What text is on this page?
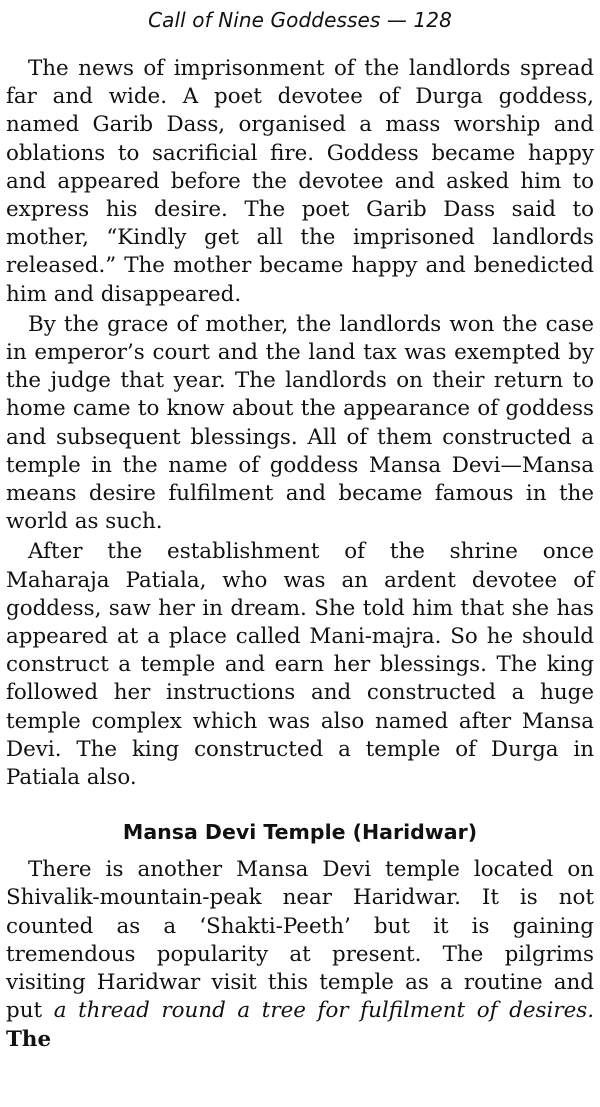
Call of Nine Goddesses — 128

The news of imprisonment of the landlords spread far and wide. A poet devotee of Durga goddess, named Garib Dass, organised a mass worship and oblations to sacrificial fire. Goddess became happy and appeared before the devotee and asked him to express his desire. The poet Garib Dass said to mother, “Kindly get all the imprisoned landlords released.” The mother became happy and benedicted him and disappeared.

By the grace of mother, the landlords won the case in emperor’s court and the land tax was exempted by the judge that year. The landlords on their return to home came to know about the appearance of goddess and subsequent blessings. All of them constructed a temple in the name of goddess Mansa Devi—Mansa means desire fulfilment and became famous in the world as such.

After the establishment of the shrine once Maharaja Patiala, who was an ardent devotee of goddess, saw her in dream. She told him that she has appeared at a place called Mani-majra. So he should construct a temple and earn her blessings. The king followed her instructions and constructed a huge temple complex which was also named after Mansa Devi. The king constructed a temple of Durga in Patiala also.

Mansa Devi Temple (Haridwar)

There is another Mansa Devi temple located on Shivalik-mountain-peak near Haridwar. It is not counted as a ‘Shakti-Peeth’ but it is gaining tremendous popularity at present. The pilgrims visiting Haridwar visit this temple as a routine and put a thread round a tree for fulfilment of desires. The
